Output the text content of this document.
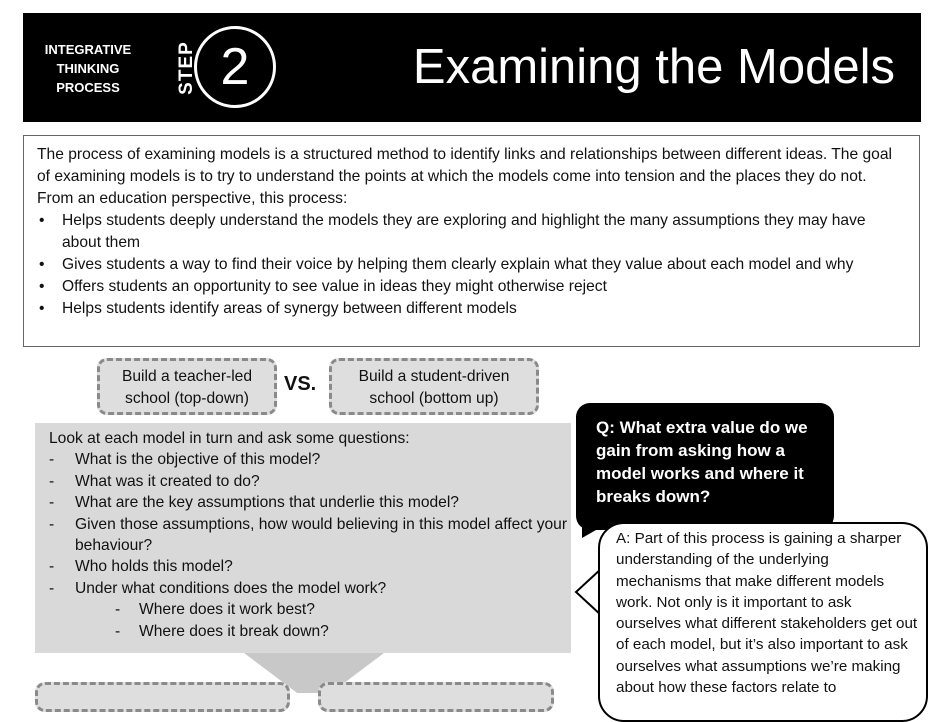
INTEGRATIVE
THINKING
PROCESS	STEP 2	Examining the Models

The process of examining models is a structured method to identify links and relationships between different ideas. The goal of examining models is to try to understand the points at which the models come into tension and the places they do not. From an education perspective, this process:

• Helps students deeply understand the models they are exploring and highlight the many assumptions they may have about them
• Gives students a way to find their voice by helping them clearly explain what they value about each model and why
• Offers students an opportunity to see value in ideas they might otherwise reject
• Helps students identify areas of synergy between different models
Build a teacher-led
school (top-down)
VS.	Build a student-driven
school (bottom up)

Look at each model in turn and ask some questions:

- What is the objective of this model?
- What was it created to do?
- What are the key assumptions that underlie this model?
- Given those assumptions, how would believing in this model affect your behaviour?
- Who holds this model?
- Under what conditions does the model work?
- Where does it work best?
- Where does it break down?
Q: What extra value do we gain from asking how a model works and where it breaks down?
A: Part of this process is gaining a sharper understanding of the underlying mechanisms that make different models work. Not only is it important to ask ourselves what different stakeholders get out of each model, but it’s also important to ask ourselves what assumptions we’re making about how these factors relate to
